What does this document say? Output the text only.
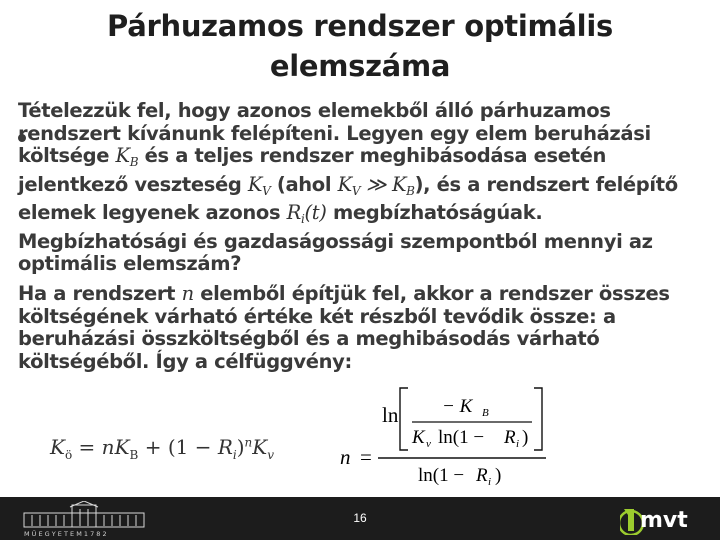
Párhuzamos rendszer optimális
elemszáma
Tételezzük fel, hogy azonos elemekből álló párhuzamos rendszert kívánunk felépíteni. Legyen egy elem beruházási költsége $K_B$ és a teljes rendszer meghibásodása esetén jelentkező veszteség $K_V$ (ahol $K_V$ ≫ $K_B$), és a rendszert felépítő elemek legyenek azonos $R_i(t)$ megbízhatóságúak. Megbízhatósági és gazdaságossági szempontból mennyi az optimális elemszám?
Ha a rendszert n elemből építjük fel, akkor a rendszer összes költségének várható értéke két részből tevődik össze: a beruházási összköltségből és a meghibásodás várható költségéből. Így a célfüggvény:
$K_ö = nK_B + (1 - R_i)^nK_v$	n =
ln − K B
K v ln(1 − R i )
ln(1 − R i )
M Ű E G Y E T E M 1 7 8 2
16	mvt
